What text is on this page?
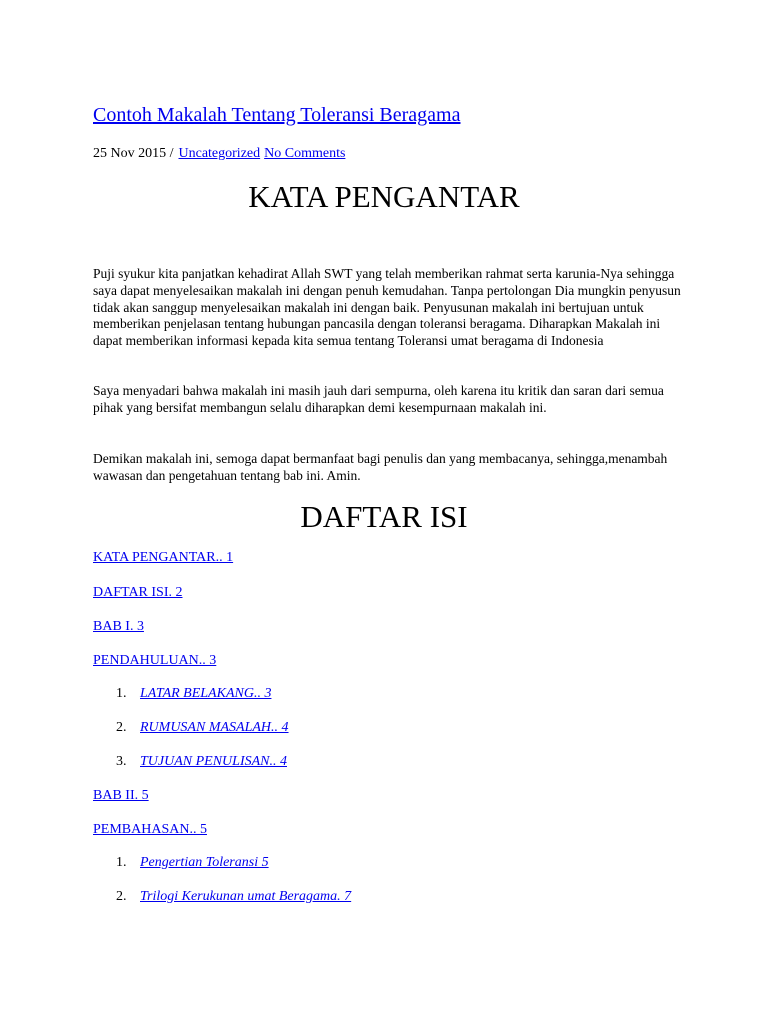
Contoh Makalah Tentang Toleransi Beragama
25 Nov 2015 / Uncategorized No Comments
KATA PENGANTAR

Puji syukur kita panjatkan kehadirat Allah SWT yang telah memberikan rahmat serta karunia-Nya sehingga saya dapat menyelesaikan makalah ini dengan penuh kemudahan. Tanpa pertolongan Dia mungkin penyusun tidak akan sanggup menyelesaikan makalah ini dengan baik. Penyusunan makalah ini bertujuan untuk memberikan penjelasan tentang hubungan pancasila dengan toleransi beragama. Diharapkan Makalah ini dapat memberikan informasi kepada kita semua tentang Toleransi umat beragama di Indonesia

Saya menyadari bahwa makalah ini masih jauh dari sempurna, oleh karena itu kritik dan saran dari semua pihak yang bersifat membangun selalu diharapkan demi kesempurnaan makalah ini.

Demikan makalah ini, semoga dapat bermanfaat bagi penulis dan yang membacanya, sehingga,menambah wawasan dan pengetahuan tentang bab ini. Amin.

DAFTAR ISI
KATA PENGANTAR.. 1
DAFTAR ISI. 2
BAB I. 3
PENDAHULUAN.. 3
1. LATAR BELAKANG.. 3
2. RUMUSAN MASALAH.. 4
3. TUJUAN PENULISAN.. 4
BAB II. 5
PEMBAHASAN.. 5
1. Pengertian Toleransi 5
2. Trilogi Kerukunan umat Beragama. 7
